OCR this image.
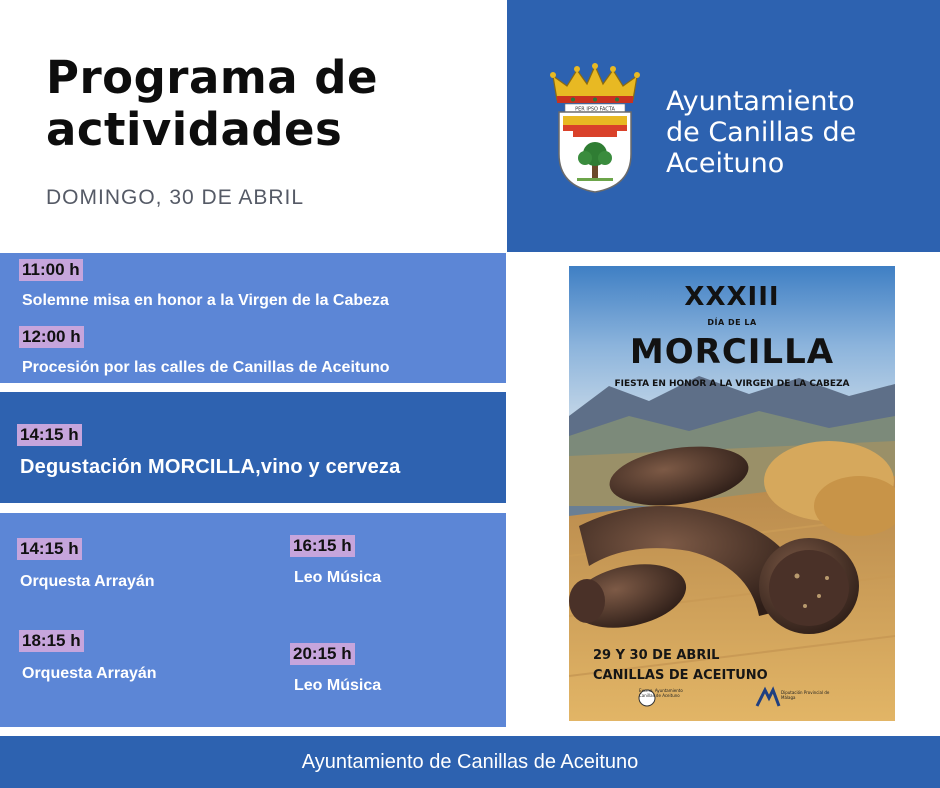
Programa de
actividades
DOMINGO, 30 DE ABRIL
PER IPSO FACTA Ayuntamiento
de Canillas de
Aceituno
11:00 h
Solemne misa en honor a la Virgen de la Cabeza
12:00 h
Procesión por las calles de Canillas de Aceituno
14:15 h
Degustación MORCILLA,vino y cerveza
14:15 h
Orquesta Arrayán
16:15 h
Leo Música
18:15 h
Orquesta Arrayán
20:15 h
Leo Música
XXXIII
DÍA DE LA
MORCILLA
FIESTA EN HONOR A LA VIRGEN DE LA CABEZA
29 Y 30 DE ABRIL
CANILLAS DE ACEITUNO
Excmo. Ayuntamiento Canillas de Aceituno
Diputación Provincial de Málaga
Ayuntamiento de Canillas de Aceituno
